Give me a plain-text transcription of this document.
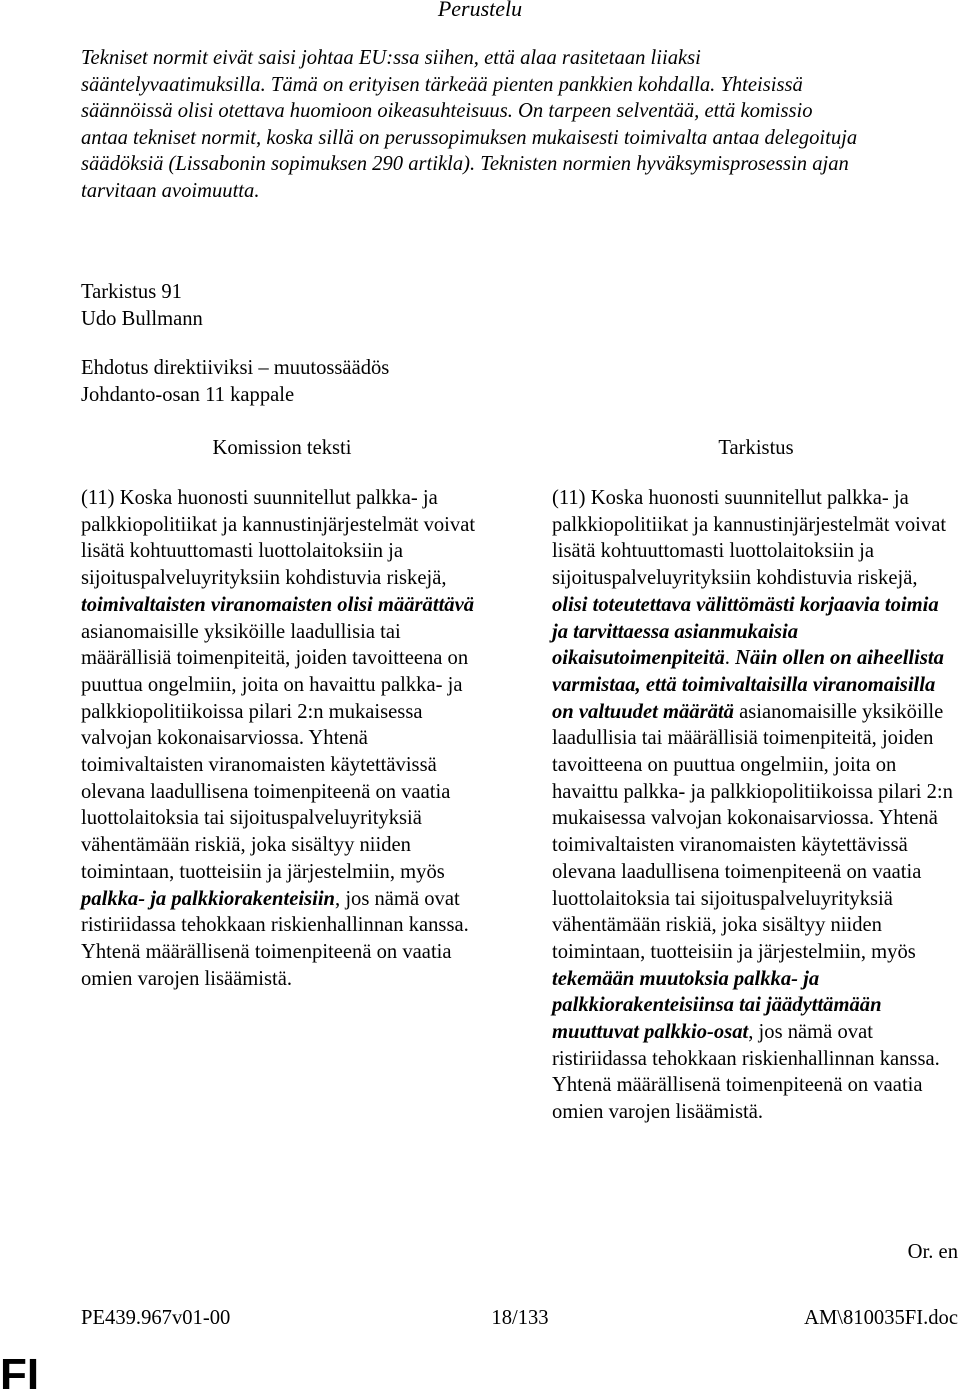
Perustelu
Tekniset normit eivät saisi johtaa EU:ssa siihen, että alaa rasitetaan liiaksi
sääntelyvaatimuksilla. Tämä on erityisen tärkeää pienten pankkien kohdalla. Yhteisissä
säännöissä olisi otettava huomioon oikeasuhteisuus. On tarpeen selventää, että komissio
antaa tekniset normit, koska sillä on perussopimuksen mukaisesti toimivalta antaa delegoituja
säädöksiä (Lissabonin sopimuksen 290 artikla). Teknisten normien hyväksymisprosessin ajan
tarvitaan avoimuutta.
Tarkistus 91
Udo Bullmann
Ehdotus direktiiviksi – muutossäädös
Johdanto-osan 11 kappale
Komission teksti	Tarkistus

(11) Koska huonosti suunnitellut palkka- ja palkkiopolitiikat ja kannustinjärjestelmät voivat lisätä kohtuuttomasti luottolaitoksiin ja sijoituspalveluyrityksiin kohdistuvia riskejä, toimivaltaisten viranomaisten olisi määrättävä asianomaisille yksiköille laadullisia tai määrällisiä toimenpiteitä, joiden tavoitteena on puuttua ongelmiin, joita on havaittu palkka- ja palkkiopolitiikoissa pilari 2:n mukaisessa valvojan kokonaisarviossa. Yhtenä toimivaltaisten viranomaisten käytettävissä olevana laadullisena toimenpiteenä on vaatia luottolaitoksia tai sijoituspalveluyrityksiä vähentämään riskiä, joka sisältyy niiden toimintaan, tuotteisiin ja järjestelmiin, myös palkka- ja palkkiorakenteisiin, jos nämä ovat ristiriidassa tehokkaan riskienhallinnan kanssa. Yhtenä määrällisenä toimenpiteenä on vaatia omien varojen lisäämistä.

(11) Koska huonosti suunnitellut palkka- ja palkkiopolitiikat ja kannustinjärjestelmät voivat lisätä kohtuuttomasti luottolaitoksiin ja sijoituspalveluyrityksiin kohdistuvia riskejä, olisi toteutettava välittömästi korjaavia toimia ja tarvittaessa asianmukaisia oikaisutoimenpiteitä. Näin ollen on aiheellista varmistaa, että toimivaltaisilla viranomaisilla on valtuudet määrätä asianomaisille yksiköille laadullisia tai määrällisiä toimenpiteitä, joiden tavoitteena on puuttua ongelmiin, joita on havaittu palkka- ja palkkiopolitiikoissa pilari 2:n mukaisessa valvojan kokonaisarviossa. Yhtenä toimivaltaisten viranomaisten käytettävissä olevana laadullisena toimenpiteenä on vaatia luottolaitoksia tai sijoituspalveluyrityksiä vähentämään riskiä, joka sisältyy niiden toimintaan, tuotteisiin ja järjestelmiin, myös tekemään muutoksia palkka- ja palkkiorakenteisiinsa tai jäädyttämään muuttuvat palkkio-osat, jos nämä ovat ristiriidassa tehokkaan riskienhallinnan kanssa. Yhtenä määrällisenä toimenpiteenä on vaatia omien varojen lisäämistä.

Or. en
PE439.967v01-00	18/133	AM\810035FI.doc
FI
